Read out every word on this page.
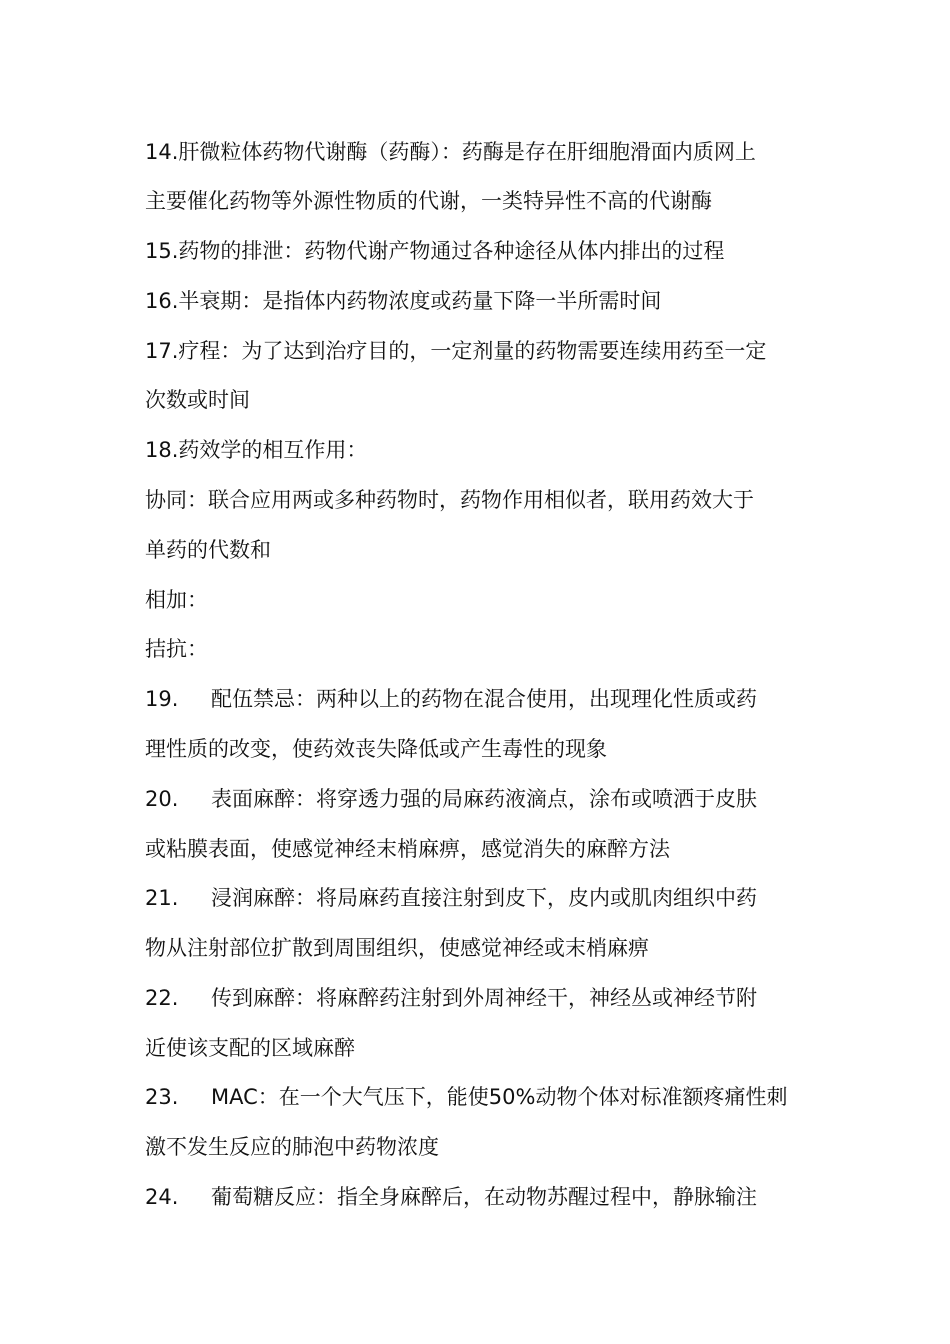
14.肝微粒体药物代谢酶（药酶）：药酶是存在肝细胞滑面内质网上
主要催化药物等外源性物质的代谢，一类特异性不高的代谢酶
15.药物的排泄：药物代谢产物通过各种途径从体内排出的过程
16.半衰期：是指体内药物浓度或药量下降一半所需时间
17.疗程：为了达到治疗目的，一定剂量的药物需要连续用药至一定
次数或时间
18.药效学的相互作用：
协同：联合应用两或多种药物时，药物作用相似者，联用药效大于
单药的代数和
相加：
拮抗：
19. 配伍禁忌：两种以上的药物在混合使用，出现理化性质或药
理性质的改变，使药效丧失降低或产生毒性的现象
20. 表面麻醉：将穿透力强的局麻药液滴点，涂布或喷洒于皮肤
或粘膜表面，使感觉神经末梢麻痹，感觉消失的麻醉方法
21. 浸润麻醉：将局麻药直接注射到皮下，皮内或肌肉组织中药
物从注射部位扩散到周围组织，使感觉神经或末梢麻痹
22. 传到麻醉：将麻醉药注射到外周神经干，神经丛或神经节附
近使该支配的区域麻醉
23. MAC：在一个大气压下，能使50%动物个体对标准额疼痛性刺
激不发生反应的肺泡中药物浓度
24. 葡萄糖反应：指全身麻醉后，在动物苏醒过程中，静脉输注
